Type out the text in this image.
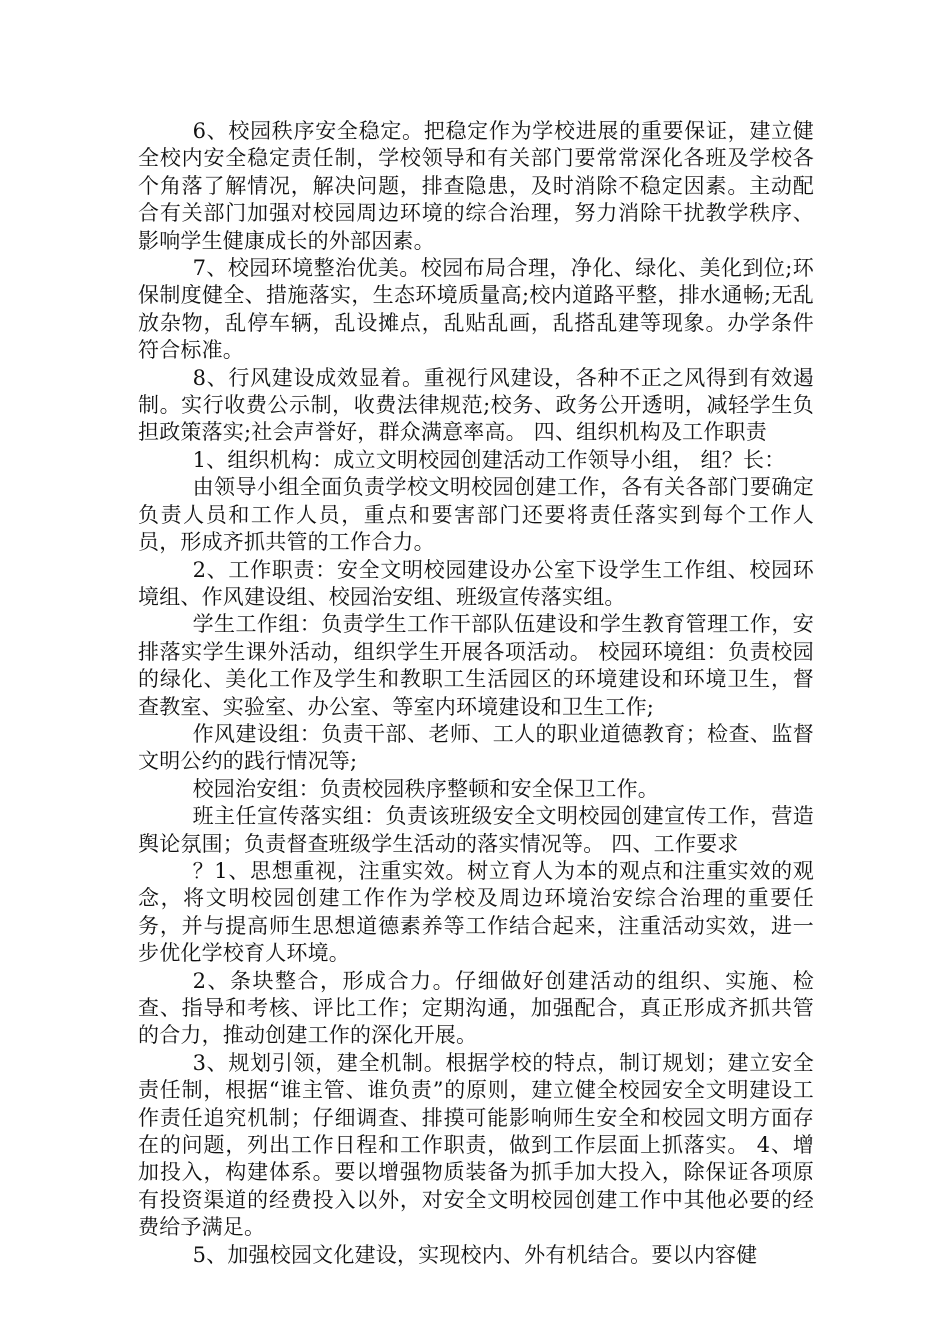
6、校园秩序安全稳定。把稳定作为学校进展的重要保证，建立健全校内安全稳定责任制，学校领导和有关部门要常常深化各班及学校各个角落了解情况，解决问题，排查隐患，及时消除不稳定因素。主动配合有关部门加强对校园周边环境的综合治理，努力消除干扰教学秩序、影响学生健康成长的外部因素。

7、校园环境整治优美。校园布局合理，净化、绿化、美化到位;环保制度健全、措施落实，生态环境质量高;校内道路平整，排水通畅;无乱放杂物，乱停车辆，乱设摊点，乱贴乱画，乱搭乱建等现象。办学条件符合标准。

8、行风建设成效显着。重视行风建设，各种不正之风得到有效遏制。实行收费公示制，收费法律规范;校务、政务公开透明，减轻学生负担政策落实;社会声誉好，群众满意率高。 四、组织机构及工作职责

1、组织机构：成立文明校园创建活动工作领导小组， 组？长：

由领导小组全面负责学校文明校园创建工作，各有关各部门要确定负责人员和工作人员，重点和要害部门还要将责任落实到每个工作人员，形成齐抓共管的工作合力。

2、工作职责：安全文明校园建设办公室下设学生工作组、校园环境组、作风建设组、校园治安组、班级宣传落实组。

学生工作组：负责学生工作干部队伍建设和学生教育管理工作，安排落实学生课外活动，组织学生开展各项活动。 校园环境组：负责校园的绿化、美化工作及学生和教职工生活园区的环境建设和环境卫生，督查教室、实验室、办公室、等室内环境建设和卫生工作;

作风建设组：负责干部、老师、工人的职业道德教育；检查、监督文明公约的践行情况等;

校园治安组：负责校园秩序整顿和安全保卫工作。

班主任宣传落实组：负责该班级安全文明校园创建宣传工作，营造舆论氛围；负责督查班级学生活动的落实情况等。 四、工作要求

？1、思想重视，注重实效。树立育人为本的观点和注重实效的观念，将文明校园创建工作作为学校及周边环境治安综合治理的重要任务，并与提高师生思想道德素养等工作结合起来，注重活动实效，进一步优化学校育人环境。

2、条块整合，形成合力。仔细做好创建活动的组织、实施、检查、指导和考核、评比工作；定期沟通，加强配合，真正形成齐抓共管的合力，推动创建工作的深化开展。

3、规划引领，建全机制。根据学校的特点，制订规划；建立安全责任制，根据“谁主管、谁负责”的原则，建立健全校园安全文明建设工作责任追究机制；仔细调查、排摸可能影响师生安全和校园文明方面存在的问题，列出工作日程和工作职责，做到工作层面上抓落实。 4、增加投入，构建体系。要以增强物质装备为抓手加大投入，除保证各项原有投资渠道的经费投入以外，对安全文明校园创建工作中其他必要的经费给予满足。

5、加强校园文化建设，实现校内、外有机结合。要以内容健
